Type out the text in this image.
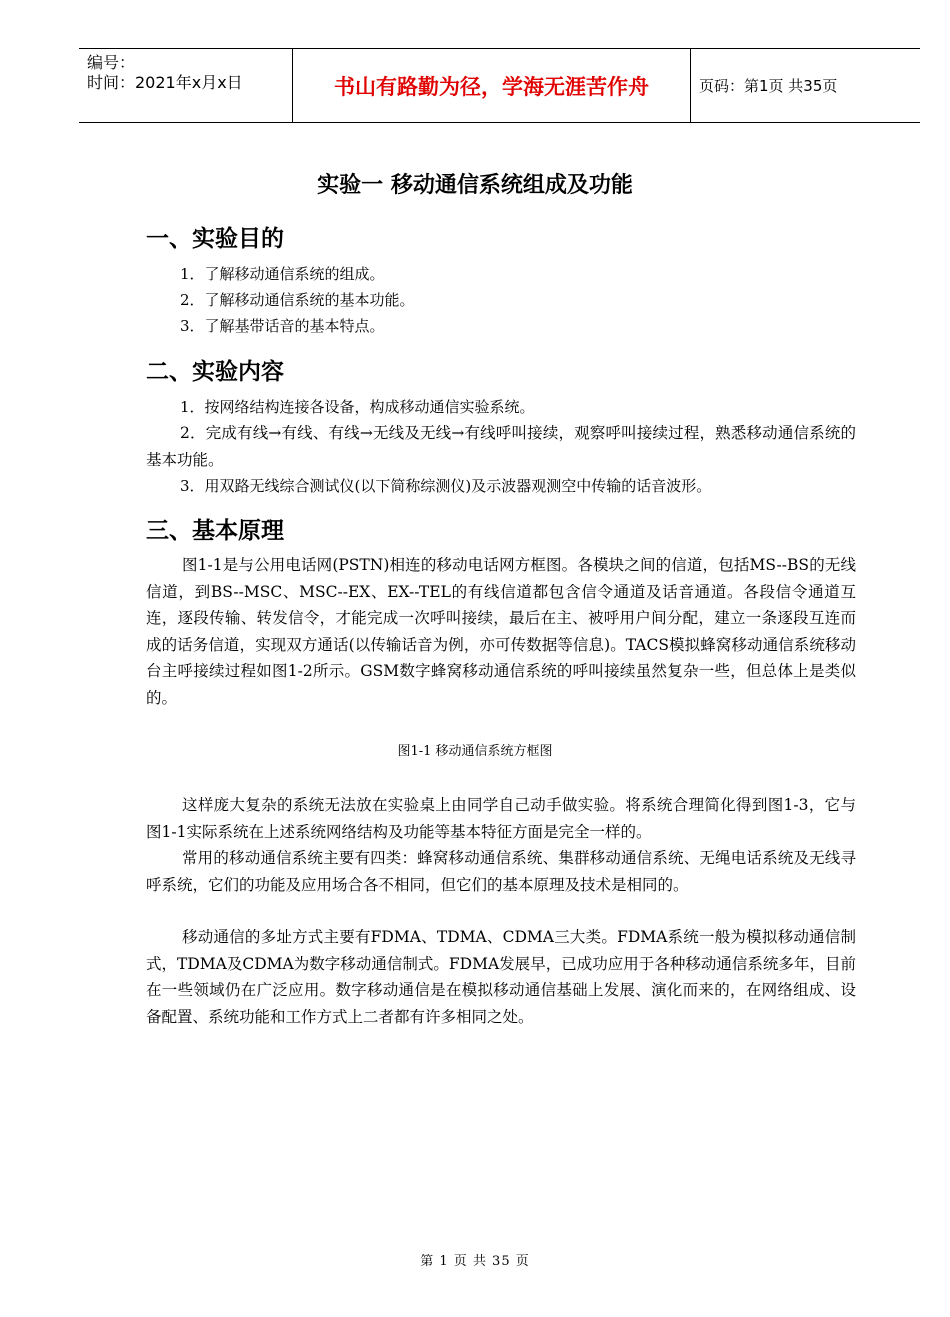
编号：
时间：2021年x月x日	书山有路勤为径，学海无涯苦作舟	页码：第1页 共35页
实验一 移动通信系统组成及功能
一、实验目的
1．了解移动通信系统的组成。
2．了解移动通信系统的基本功能。
3．了解基带话音的基本特点。
二、实验内容
1．按网络结构连接各设备，构成移动通信实验系统。
2．完成有线→有线、有线→无线及无线→有线呼叫接续，观察呼叫接续过程，熟悉移动通信系统的基本功能。
3．用双路无线综合测试仪(以下简称综测仪)及示波器观测空中传输的话音波形。
三、基本原理
图1-1是与公用电话网(PSTN)相连的移动电话网方框图。各模块之间的信道，包括MS--BS的无线信道，到BS--MSC、MSC--EX、EX--TEL的有线信道都包含信令通道及话音通道。各段信令通道互连，逐段传输、转发信令，才能完成一次呼叫接续，最后在主、被呼用户间分配，建立一条逐段互连而成的话务信道，实现双方通话(以传输话音为例，亦可传数据等信息)。TACS模拟蜂窝移动通信系统移动台主呼接续过程如图1-2所示。GSM数字蜂窝移动通信系统的呼叫接续虽然复杂一些，但总体上是类似的。
图1-1 移动通信系统方框图
这样庞大复杂的系统无法放在实验桌上由同学自己动手做实验。将系统合理简化得到图1-3，它与图1-1实际系统在上述系统网络结构及功能等基本特征方面是完全一样的。
常用的移动通信系统主要有四类：蜂窝移动通信系统、集群移动通信系统、无绳电话系统及无线寻呼系统，它们的功能及应用场合各不相同，但它们的基本原理及技术是相同的。
移动通信的多址方式主要有FDMA、TDMA、CDMA三大类。FDMA系统一般为模拟移动通信制式，TDMA及CDMA为数字移动通信制式。FDMA发展早，已成功应用于各种移动通信系统多年，目前在一些领域仍在广泛应用。数字移动通信是在模拟移动通信基础上发展、演化而来的，在网络组成、设备配置、系统功能和工作方式上二者都有许多相同之处。
第 1 页 共 35 页
